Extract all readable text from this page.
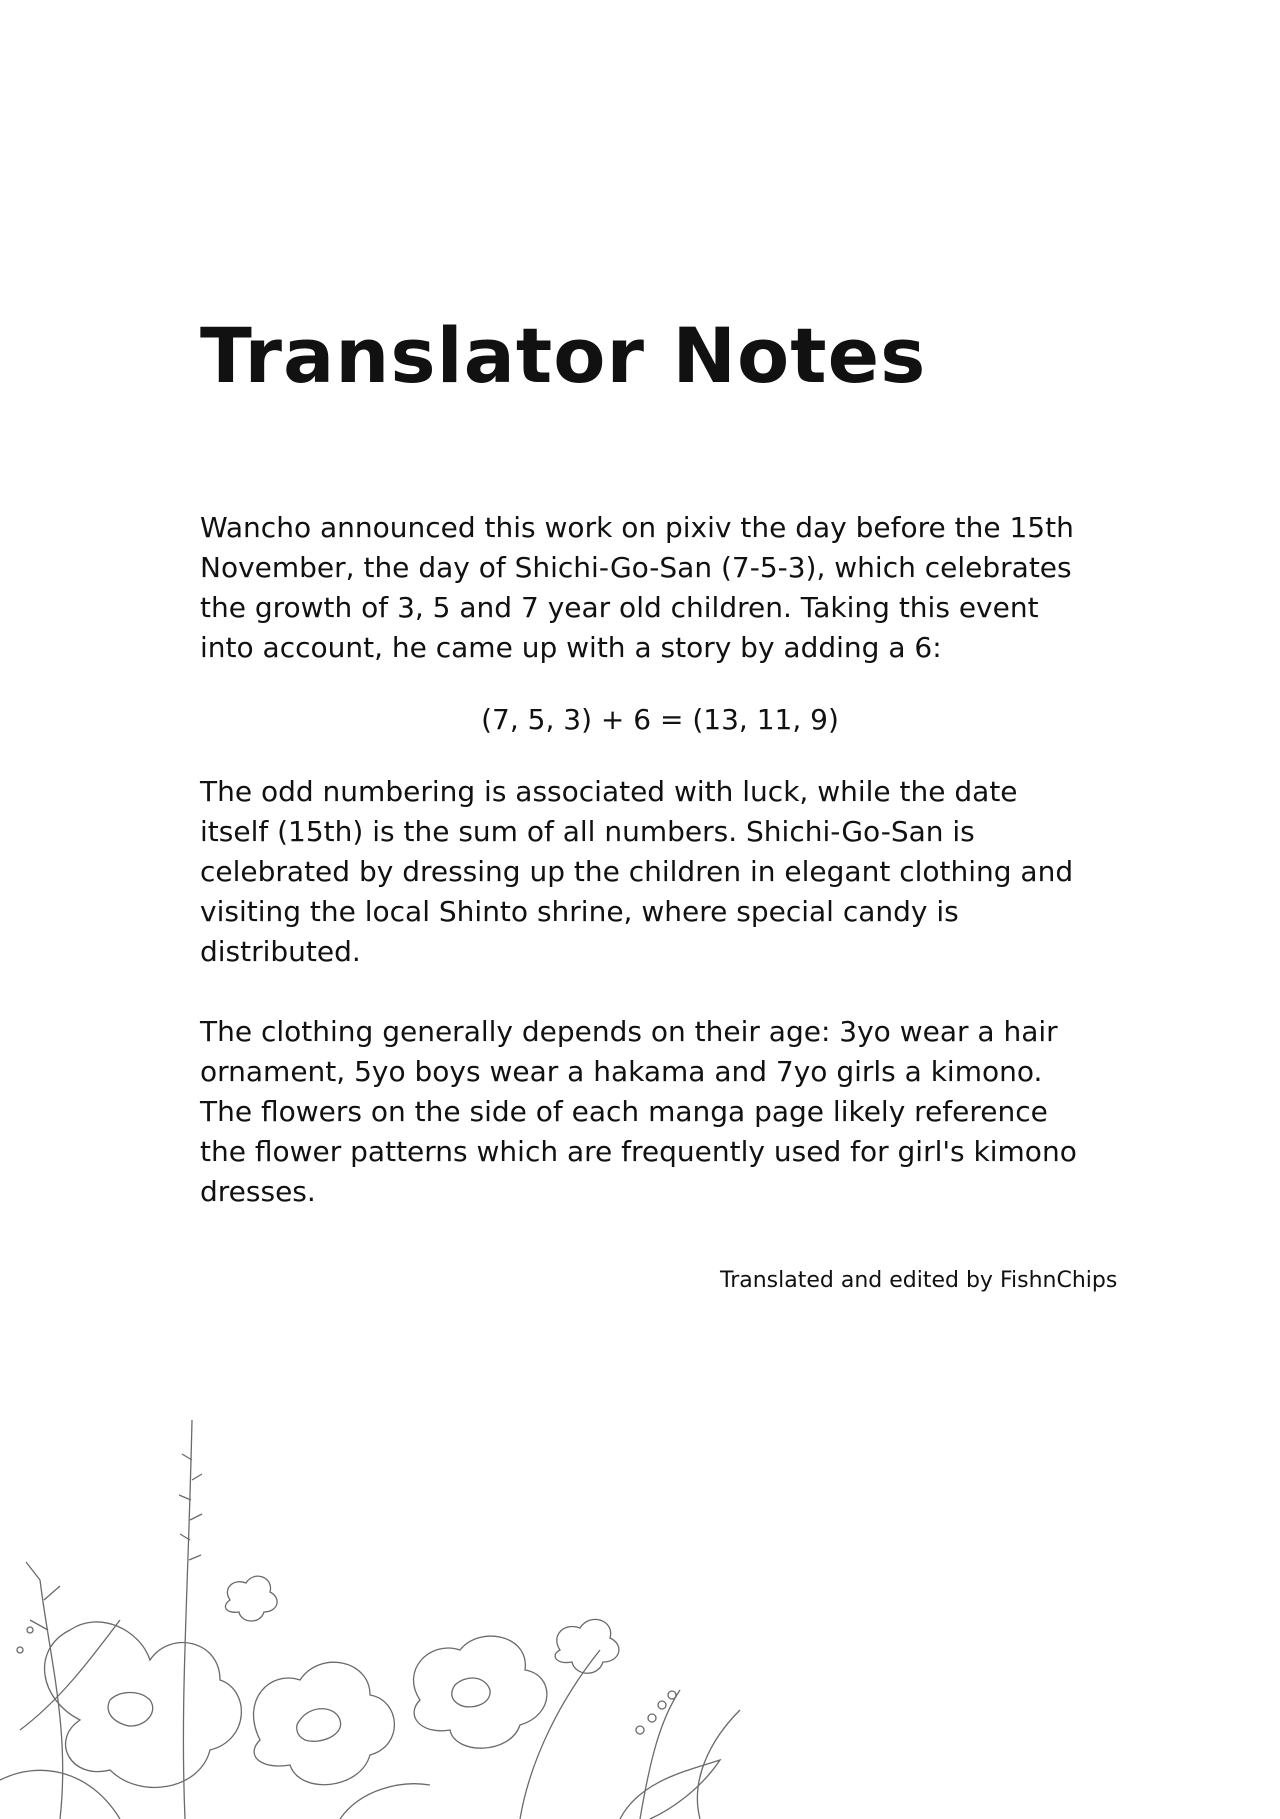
Translator Notes

Wancho announced this work on pixiv the day before the 15th November, the day of Shichi-Go-San (7-5-3), which celebrates the growth of 3, 5 and 7 year old children. Taking this event into account, he came up with a story by adding a 6:

(7, 5, 3) + 6 = (13, 11, 9)

The odd numbering is associated with luck, while the date itself (15th) is the sum of all numbers. Shichi-Go-San is celebrated by dressing up the children in elegant clothing and visiting the local Shinto shrine, where special candy is distributed.

The clothing generally depends on their age: 3yo wear a hair ornament, 5yo boys wear a hakama and 7yo girls a kimono. The flowers on the side of each manga page likely reference the flower patterns which are frequently used for girl's kimono dresses.

Translated and edited by FishnChips
